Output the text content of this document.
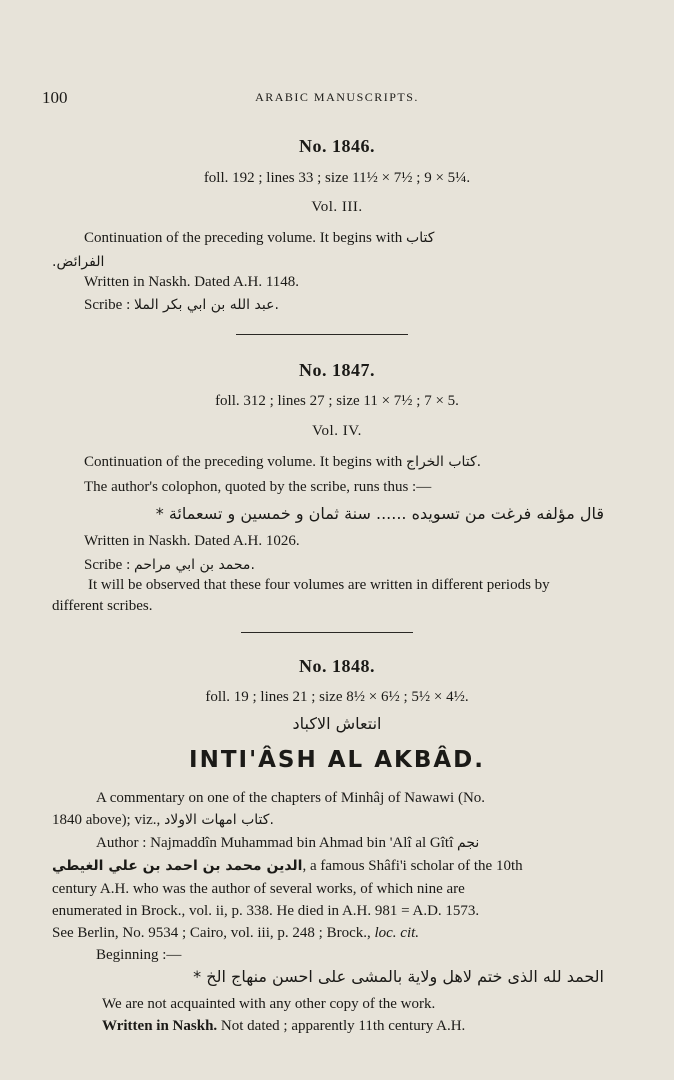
100	ARABIC MANUSCRIPTS.
No. 1846.
foll. 192 ; lines 33 ; size 11½ × 7½ ; 9 × 5¼.
Vol. III.
Continuation of the preceding volume. It begins with كتاب
الفرائض.
Written in Naskh. Dated A.H. 1148.
Scribe : عبد الله بن ابي بكر الملا.
No. 1847.
foll. 312 ; lines 27 ; size 11 × 7½ ; 7 × 5.
Vol. IV.
Continuation of the preceding volume. It begins with كتاب الخراج.
The author's colophon, quoted by the scribe, runs thus :—
قال مؤلفه فرغت من تسويده ...... سنة ثمان و خمسين و تسعمائة *
Written in Naskh. Dated A.H. 1026.
Scribe : محمد بن ابي مراحم.
It will be observed that these four volumes are written in different periods by different scribes.
No. 1848.
foll. 19 ; lines 21 ; size 8½ × 6½ ; 5½ × 4½.
انتعاش الاكباد
INTI'ÂSH AL AKBÂD.
A commentary on one of the chapters of Minhâj of Nawawi (No.
1840 above); viz., كتاب امهات الاولاد.
Author : Najmaddîn Muhammad bin Ahmad bin 'Alî al Gîtî نجم
الدين محمد بن احمد بن علي الغيطي, a famous Shâfi'i scholar of the 10th
century A.H. who was the author of several works, of which nine are
enumerated in Brock., vol. ii, p. 338. He died in A.H. 981 = A.D. 1573.
See Berlin, No. 9534 ; Cairo, vol. iii, p. 248 ; Brock., loc. cit.
Beginning :—
الحمد لله الذى ختم لاهل ولاية بالمشى على احسن منهاج الخ *
We are not acquainted with any other copy of the work.
Written in Naskh. Not dated ; apparently 11th century A.H.
